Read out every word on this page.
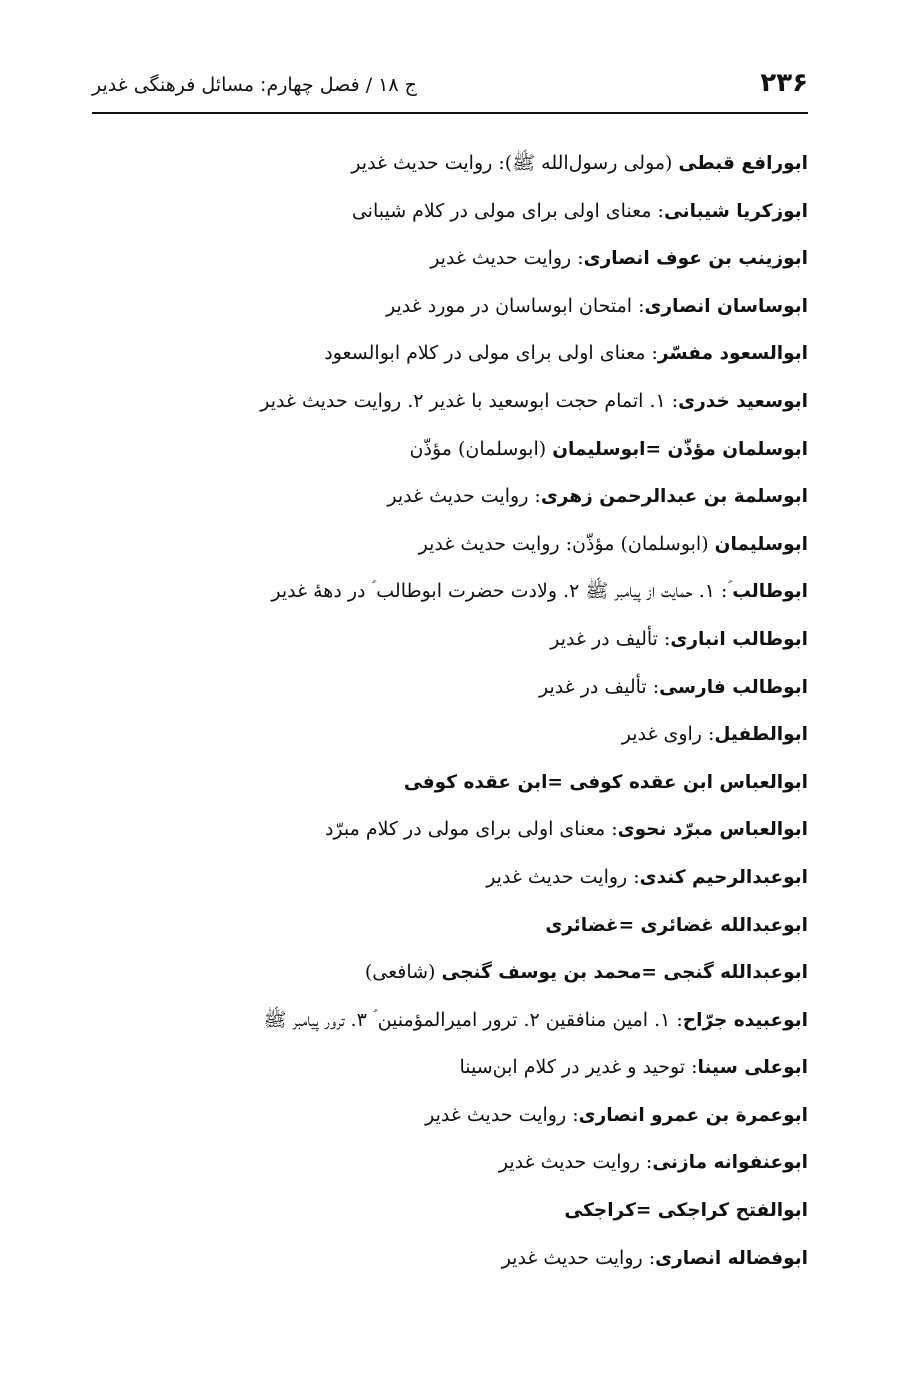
۲۳۶
ج ۱۸ / فصل چهارم: مسائل فرهنگی غدیر
ابورافع قبطی (مولی رسول‌الله ﷺ): روایت حدیث غدیر
ابوزکریا شیبانی: معنای اولی برای مولی در کلام شیبانی
ابوزینب بن عوف انصاری: روایت حدیث غدیر
ابوساسان انصاری: امتحان ابوساسان در مورد غدیر
ابوالسعود مفسّر: معنای اولی برای مولی در کلام ابوالسعود
ابوسعید خدری: ۱. اتمام حجت ابوسعید با غدیر ۲. روایت حدیث غدیر
ابوسلمان مؤذّن =ابوسلیمان (ابوسلمان) مؤذّن
ابوسلمة بن عبدالرحمن زهری: روایت حدیث غدیر
ابوسلیمان (ابوسلمان) مؤذّن: روایت حدیث غدیر
ابوطالب ؑ: ۱. حمایت از پیامبر ﷺ ۲. ولادت حضرت ابوطالب ؑ در دههٔ غدیر
ابوطالب انباری: تألیف در غدیر
ابوطالب فارسی: تألیف در غدیر
ابوالطفیل: راوی غدیر
ابوالعباس ابن عقده کوفی =ابن عقده کوفی
ابوالعباس مبرّد نحوی: معنای اولی برای مولی در کلام مبرّد
ابوعبدالرحیم کندی: روایت حدیث غدیر
ابوعبدالله غضائری =غضائری
ابوعبدالله گنجی =محمد بن یوسف گنجی (شافعی)
ابوعبیده جرّاح: ۱. امین منافقین ۲. ترور امیرالمؤمنین ؑ ۳. ترور پیامبر ﷺ
ابوعلی سینا: توحید و غدیر در کلام ابن‌سینا
ابوعمرة بن عمرو انصاری: روایت حدیث غدیر
ابوعنفوانه مازنی: روایت حدیث غدیر
ابوالفتح کراجکی =کراجکی
ابوفضاله انصاری: روایت حدیث غدیر
